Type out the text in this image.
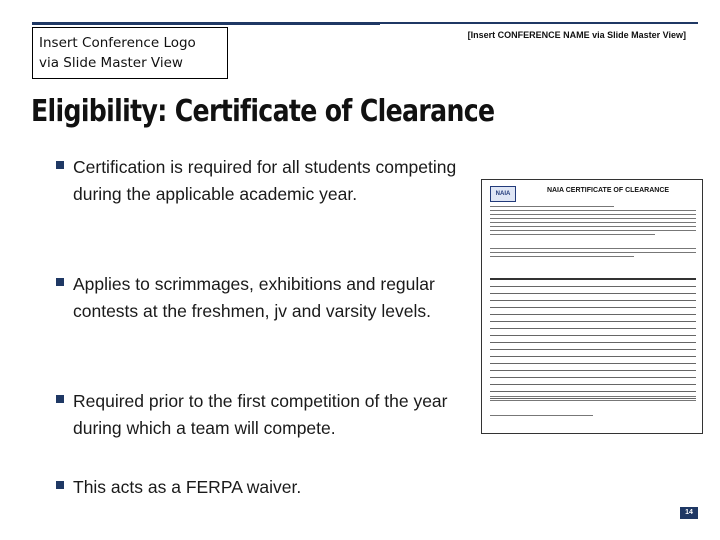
Insert Conference Logo
via Slide Master View
[Insert CONFERENCE NAME via Slide Master View]
Eligibility: Certificate of Clearance
Certification is required for all students competing during the applicable academic year.
Applies to scrimmages, exhibitions and regular contests at the freshmen, jv and varsity levels.
Required prior to the first competition of the year during which a team will compete.
This acts as a FERPA waiver.
NAIA	NAIA CERTIFICATE OF CLEARANCE
14
